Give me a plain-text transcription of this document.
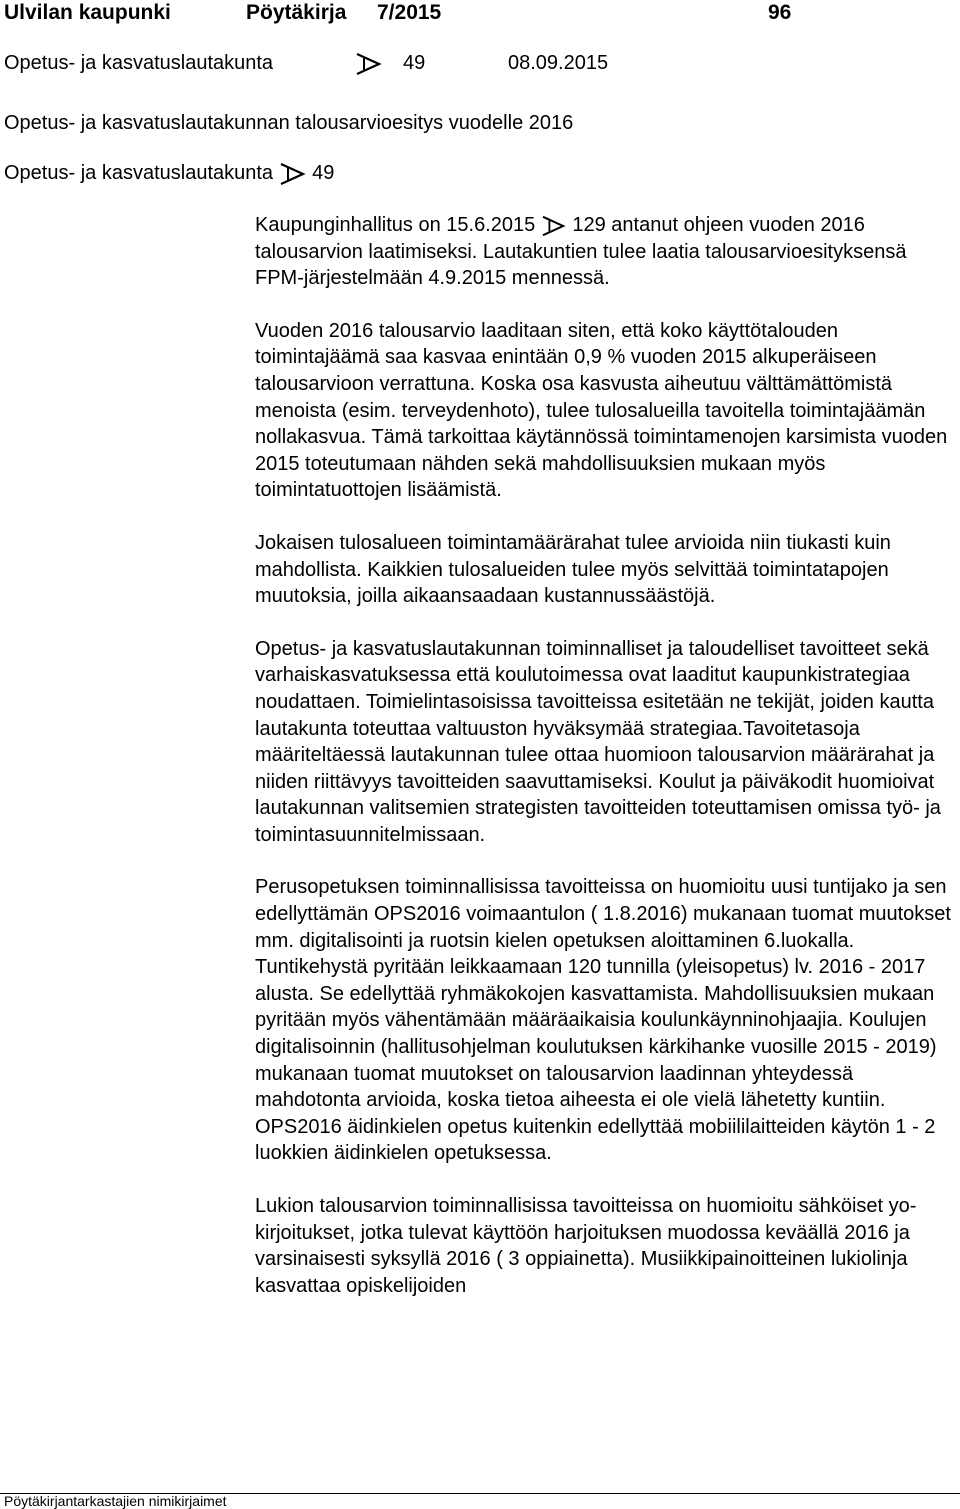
Ulvilan kaupunki	Pöytäkirja 7/2015	96
Opetus- ja kasvatuslautakunta	49	08.09.2015
Opetus- ja kasvatuslautakunnan talousarvioesitys vuodelle 2016
Opetus- ja kasvatuslautakunta 49

Kaupunginhallitus on 15.6.2015 129 antanut ohjeen vuoden 2016 talousarvion laatimiseksi. Lautakuntien tulee laatia talousarvioesityksensä FPM-järjestelmään 4.9.2015 mennessä.

Vuoden 2016 talousarvio laaditaan siten, että koko käyttötalouden toimintajäämä saa kasvaa enintään 0,9 % vuoden 2015 alkuperäiseen talousarvioon verrattuna. Koska osa kasvusta aiheutuu välttämättömistä menoista (esim. terveydenhoto), tulee tulosalueilla tavoitella toimintajäämän nollakasvua. Tämä tarkoittaa käytännössä toimintamenojen karsimista vuoden 2015 toteutumaan nähden sekä mahdollisuuksien mukaan myös toimintatuottojen lisäämistä.

Jokaisen tulosalueen toimintamäärärahat tulee arvioida niin tiukasti kuin mahdollista. Kaikkien tulosalueiden tulee myös selvittää toimintatapojen muutoksia, joilla aikaansaadaan kustannussäästöjä.

Opetus- ja kasvatuslautakunnan toiminnalliset ja taloudelliset tavoitteet sekä varhaiskasvatuksessa että koulutoimessa ovat laaditut kaupunkistrategiaa noudattaen. Toimielintasoisissa tavoitteissa esitetään ne tekijät, joiden kautta lautakunta toteuttaa valtuuston hyväksymää strategiaa.Tavoitetasoja määriteltäessä lautakunnan tulee ottaa huomioon talousarvion määrärahat ja niiden riittävyys tavoitteiden saavuttamiseksi. Koulut ja päiväkodit huomioivat lautakunnan valitsemien strategisten tavoitteiden toteuttamisen omissa työ- ja toimintasuunnitelmissaan.

Perusopetuksen toiminnallisissa tavoitteissa on huomioitu uusi tuntijako ja sen edellyttämän OPS2016 voimaantulon ( 1.8.2016) mukanaan tuomat muutokset mm. digitalisointi ja ruotsin kielen opetuksen aloittaminen 6.luokalla. Tuntikehystä pyritään leikkaamaan 120 tunnilla (yleisopetus) lv. 2016 - 2017 alusta. Se edellyttää ryhmäkokojen kasvattamista. Mahdollisuuksien mukaan pyritään myös vähentämään määräaikaisia koulunkäynninohjaajia. Koulujen digitalisoinnin (hallitusohjelman koulutuksen kärkihanke vuosille 2015 - 2019) mukanaan tuomat muutokset on talousarvion laadinnan yhteydessä mahdotonta arvioida, koska tietoa aiheesta ei ole vielä lähetetty kuntiin. OPS2016 äidinkielen opetus kuitenkin edellyttää mobiililaitteiden käytön 1 - 2 luokkien äidinkielen opetuksessa.

Lukion talousarvion toiminnallisissa tavoitteissa on huomioitu sähköiset yo-kirjoitukset, jotka tulevat käyttöön harjoituksen muodossa keväällä 2016 ja varsinaisesti syksyllä 2016 ( 3 oppiainetta). Musiikkipainoitteinen lukiolinja kasvattaa opiskelijoiden

Pöytäkirjantarkastajien nimikirjaimet
